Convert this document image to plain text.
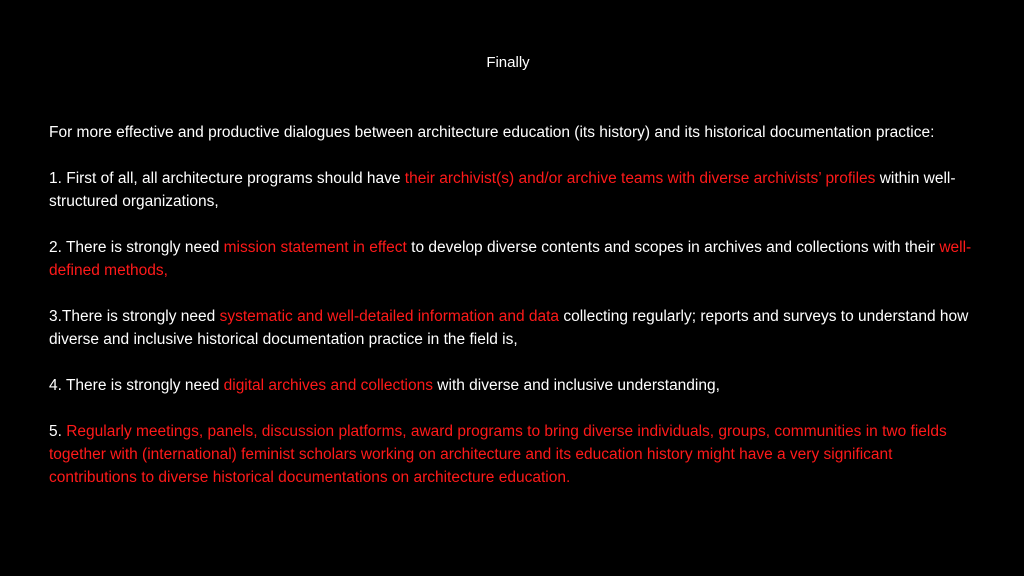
Finally

For more effective and productive dialogues between architecture education (its history) and its historical documentation practice:

1. First of all, all architecture programs should have their archivist(s) and/or archive teams with diverse archivists’ profiles within well-structured organizations,

2. There is strongly need mission statement in effect to develop diverse contents and scopes in archives and collections with their well-defined methods,

3.There is strongly need systematic and well-detailed information and data collecting regularly; reports and surveys to understand how diverse and inclusive historical documentation practice in the field is,

4. There is strongly need digital archives and collections with diverse and inclusive understanding,

5. Regularly meetings, panels, discussion platforms, award programs to bring diverse individuals, groups, communities in two fields together with (international) feminist scholars working on architecture and its education history might have a very significant contributions to diverse historical documentations on architecture education.
